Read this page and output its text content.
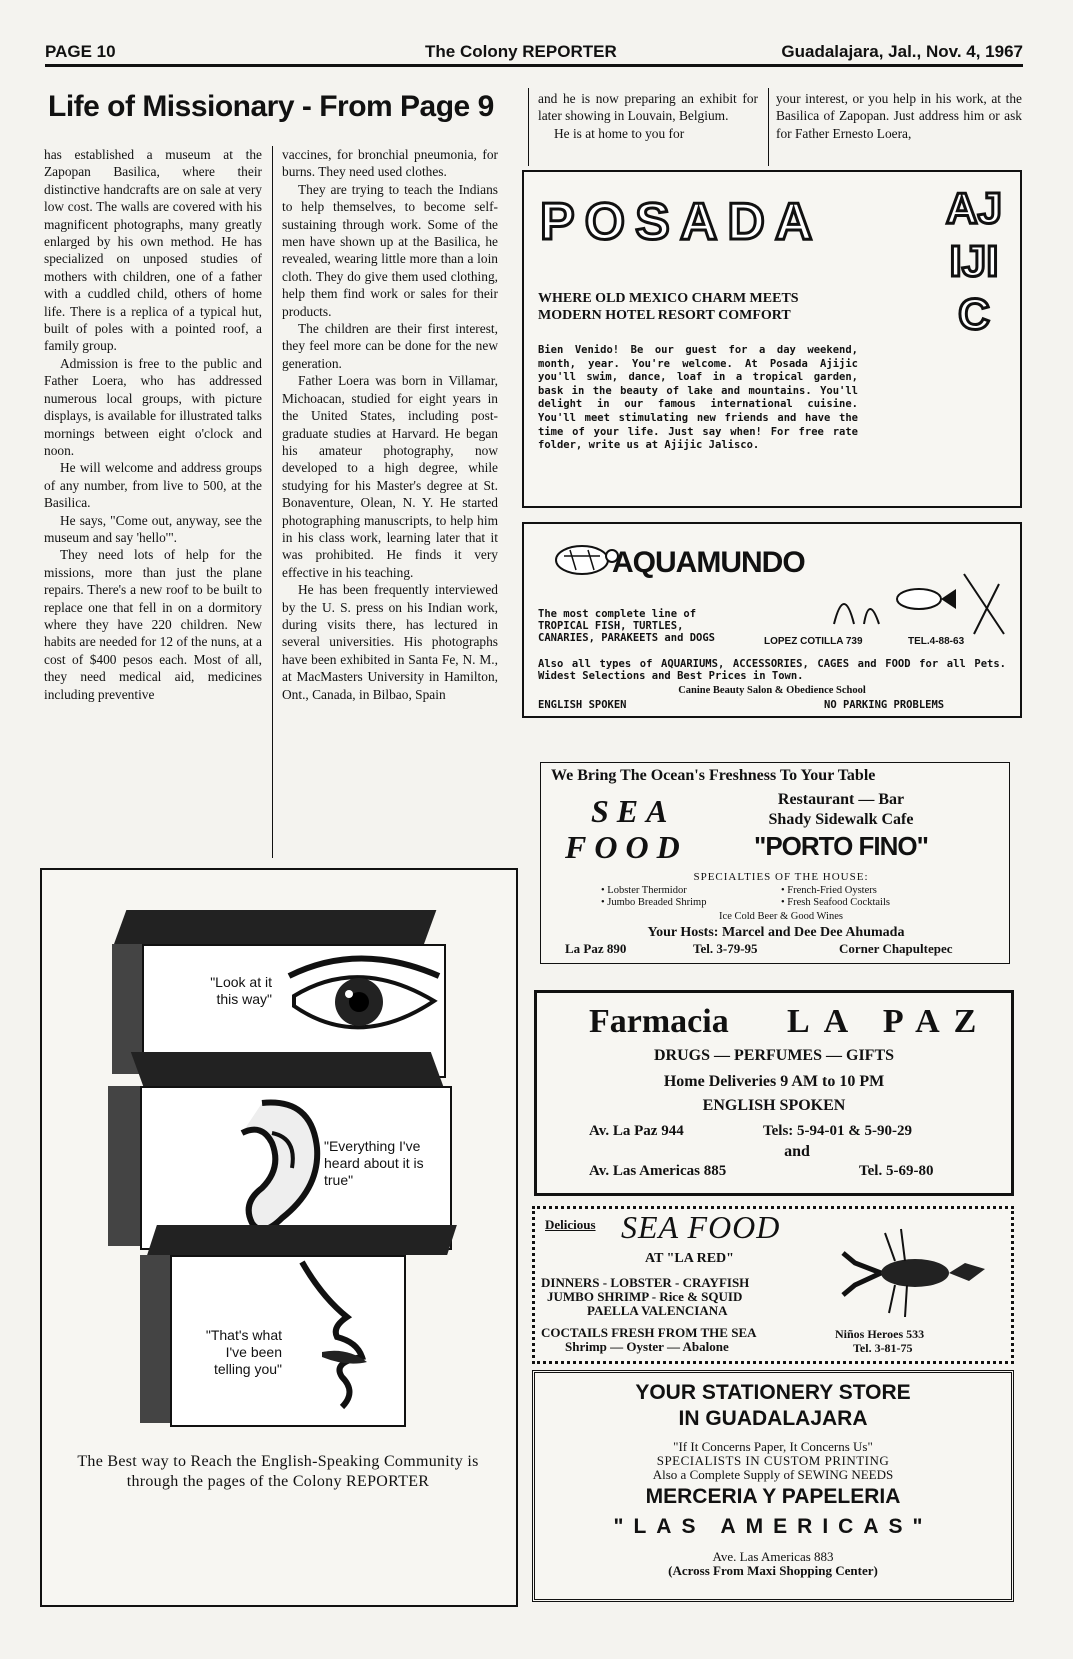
PAGE 10	The Colony REPORTER	Guadalajara, Jal., Nov. 4, 1967
Life of Missionary - From Page 9

has established a museum at the Zapopan Basilica, where their distinctive handcrafts are on sale at very low cost. The walls are covered with his magnificent photographs, many greatly enlarged by his own method. He has specialized on unposed studies of mothers with children, one of a father with a cuddled child, others of home life. There is a replica of a typical hut, built of poles with a pointed roof, a family group.

Admission is free to the public and Father Loera, who has addressed numerous local groups, with picture displays, is available for illustrated talks mornings between eight o'clock and noon.

He will welcome and address groups of any number, from live to 500, at the Basilica.

He says, "Come out, anyway, see the museum and say 'hello'".

They need lots of help for the missions, more than just the plane repairs. There's a new roof to be built to replace one that fell in on a dormitory where they have 220 children. New habits are needed for 12 of the nuns, at a cost of $400 pesos each. Most of all, they need medical aid, medicines including preventive

vaccines, for bronchial pneumonia, for burns. They need used clothes.

They are trying to teach the Indians to help themselves, to become self-sustaining through work. Some of the men have shown up at the Basilica, he revealed, wearing little more than a loin cloth. They do give them used clothing, help them find work or sales for their products.

The children are their first interest, they feel more can be done for the new generation.

Father Loera was born in Villamar, Michoacan, studied for eight years in the United States, including post-graduate studies at Harvard. He began his amateur photography, now developed to a high degree, while studying for his Master's degree at St. Bonaventure, Olean, N. Y. He started photographing manuscripts, to help him in his class work, learning later that it was prohibited. He finds it very effective in his teaching.

He has been frequently interviewed by the U. S. press on his Indian work, during visits there, has lectured in several universities. His photographs have been exhibited in Santa Fe, N. M., at MacMasters University in Hamilton, Ont., Canada, in Bilbao, Spain

and he is now preparing an exhibit for later showing in Louvain, Belgium.

He is at home to you for

your interest, or you help in his work, at the Basilica of Zapopan. Just address him or ask for Father Ernesto Loera,

"Look at it this way"
"Everything I've heard about it is true"
"That's what I've been telling you"
The Best way to Reach the English-Speaking Community is through the pages of the Colony REPORTER
POSADA	AJIJIC
WHERE OLD MEXICO CHARM MEETS MODERN HOTEL RESORT COMFORT
Bien Venido! Be our guest for a day weekend, month, year. You're welcome. At Posada Ajijic you'll swim, dance, loaf in a tropical garden, bask in the beauty of lake and mountains. You'll delight in our famous international cuisine. You'll meet stimulating new friends and have the time of your life. Just say when! For free rate folder, write us at Ajijic Jalisco.
AQUAMUNDO
The most complete line of TROPICAL FISH, TURTLES, CANARIES, PARAKEETS and DOGS	LOPEZ COTILLA 739	TEL.4-88-63
Also all types of AQUARIUMS, ACCESSORIES, CAGES and FOOD for all Pets. Widest Selections and Best Prices in Town.
Canine Beauty Salon & Obedience School
ENGLISH SPOKEN	NO PARKING PROBLEMS
We Bring The Ocean's Freshness To Your Table
SEA
FOOD
Restaurant — Bar
Shady Sidewalk Cafe
"PORTO FINO"
SPECIALTIES OF THE HOUSE:
• Lobster Thermidor	• French-Fried Oysters
• Jumbo Breaded Shrimp	• Fresh Seafood Cocktails
Ice Cold Beer & Good Wines
Your Hosts: Marcel and Dee Dee Ahumada
La Paz 890	Tel. 3-79-95	Corner Chapultepec
Farmacia LA PAZ
DRUGS — PERFUMES — GIFTS
Home Deliveries 9 AM to 10 PM
ENGLISH SPOKEN
Av. La Paz 944	Tels: 5-94-01 & 5-90-29
and
Av. Las Americas 885	Tel. 5-69-80
Delicious SEA FOOD
AT "LA RED"
DINNERS - LOBSTER - CRAYFISH
JUMBO SHRIMP - Rice & SQUID
PAELLA VALENCIANA
COCTAILS FRESH FROM THE SEA
Shrimp — Oyster — Abalone
Niños Heroes 533
Tel. 3-81-75
YOUR STATIONERY STORE
IN GUADALAJARA
"If It Concerns Paper, It Concerns Us"
SPECIALISTS IN CUSTOM PRINTING
Also a Complete Supply of SEWING NEEDS
MERCERIA Y PAPELERIA
"LAS AMERICAS"
Ave. Las Americas 883
(Across From Maxi Shopping Center)
